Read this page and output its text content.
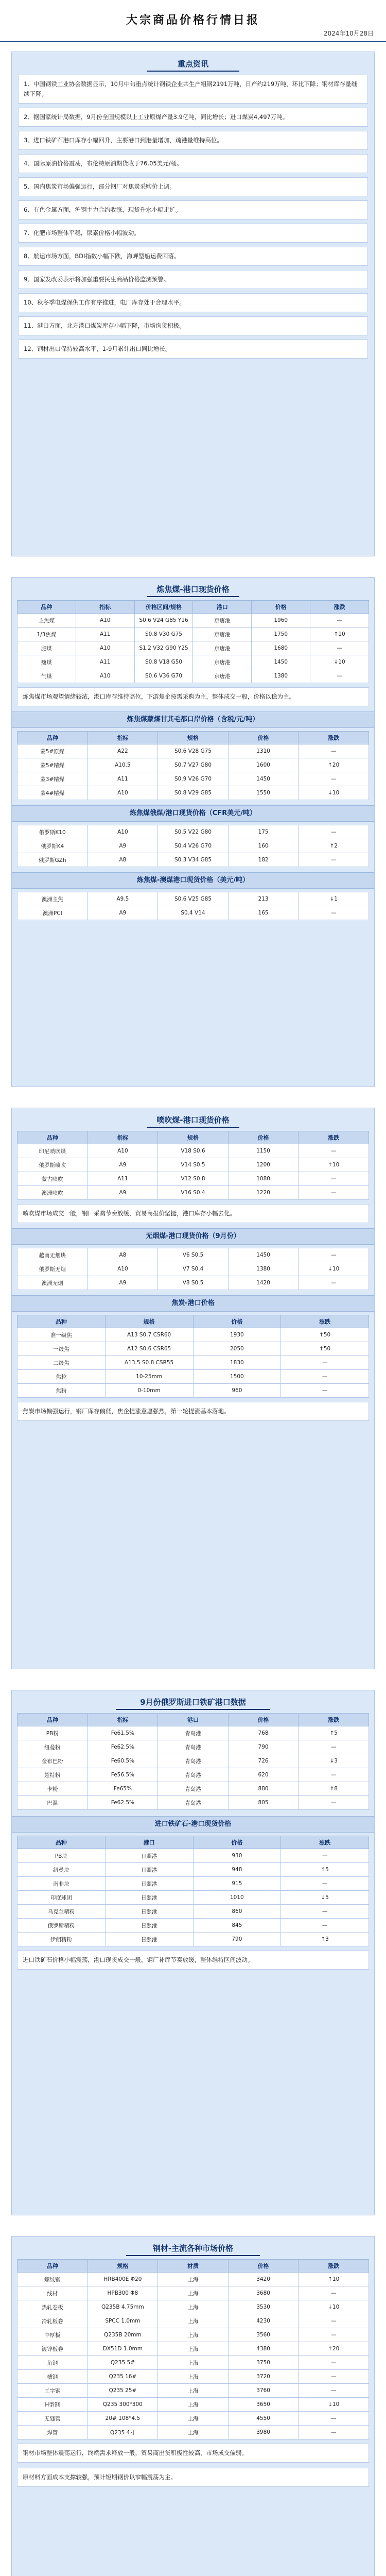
大宗商品价格行情日报
2024年10月28日
重点资讯
1、中国钢铁工业协会数据显示，10月中旬重点统计钢铁企业共生产粗钢2191万吨，日产约219万吨，环比下降；钢材库存量继续下降。
2、据国家统计局数据，9月份全国规模以上工业原煤产量3.9亿吨，同比增长；进口煤炭4,497万吨。
3、进口铁矿石港口库存小幅回升，主要港口到港量增加，疏港量维持高位。
4、国际原油价格震荡，布伦特原油期货收于76.05美元/桶。
5、国内焦炭市场偏强运行，部分钢厂对焦炭采购价上调。
6、有色金属方面，沪铜主力合约收涨，现货升水小幅走扩。
7、化肥市场整体平稳，尿素价格小幅波动。
8、航运市场方面，BDI指数小幅下跌，海岬型船运费回落。
9、国家发改委表示将加强重要民生商品价格监测预警。
10、秋冬季电煤保供工作有序推进，电厂库存处于合理水平。
11、港口方面，北方港口煤炭库存小幅下降，市场询货积极。
12、钢材出口保持较高水平，1-9月累计出口同比增长。
炼焦煤-港口现货价格
品种	指标	价格区间/规格	港口	价格	涨跌
主焦煤	A10	S0.6 V24 G85 Y16	京唐港	1960	—
1/3焦煤	A11	S0.8 V30 G75	京唐港	1750	↑10
肥煤	A10	S1.2 V32 G90 Y25	京唐港	1680	—
瘦煤	A11	S0.8 V18 G50	京唐港	1450	↓10
气煤	A10	S0.6 V36 G70	京唐港	1380	—
炼焦煤市场观望情绪较浓，港口库存维持高位，下游焦企按需采购为主，整体成交一般，价格以稳为主。
炼焦煤蒙煤甘其毛都口岸价格（含税/元/吨）
品种	指标	规格	价格	涨跌
蒙5#原煤	A22	S0.6 V28 G75	1310	—
蒙5#精煤	A10.5	S0.7 V27 G80	1600	↑20
蒙3#精煤	A11	S0.9 V26 G70	1450	—
蒙4#精煤	A10	S0.8 V29 G85	1550	↓10
炼焦煤俄煤/港口现货价格（CFR美元/吨）
俄罗斯K10	A10	S0.5 V22 G80	175	—
俄罗斯K4	A9	S0.4 V26 G70	160	↑2
俄罗斯GZh	A8	S0.3 V34 G85	182	—
炼焦煤-澳煤港口现货价格（美元/吨）
澳洲主焦	A9.5	S0.6 V25 G85	213	↓1
澳洲PCI	A9	S0.4 V14	165	—
喷吹煤-港口现货价格
品种	指标	规格	价格	涨跌
印尼喷吹煤	A10	V18 S0.6	1150	—
俄罗斯喷吹	A9	V14 S0.5	1200	↑10
蒙古喷吹	A11	V12 S0.8	1080	—
澳洲喷吹	A9	V16 S0.4	1220	—
喷吹煤市场成交一般，钢厂采购节奏放缓，贸易商报价坚挺，港口库存小幅去化。
无烟煤-港口现货价格（9月份）
越南无烟块	A8	V6 S0.5	1450	—
俄罗斯无烟	A10	V7 S0.4	1380	↓10
澳洲无烟	A9	V8 S0.5	1420	—
焦炭-港口价格
品种	规格	价格	涨跌
准一级焦	A13 S0.7 CSR60	1930	↑50
一级焦	A12 S0.6 CSR65	2050	↑50
二级焦	A13.5 S0.8 CSR55	1830	—
焦粒	10-25mm	1500	—
焦粉	0-10mm	960	—
焦炭市场偏强运行，钢厂库存偏低，焦企提涨意愿强烈，第一轮提涨基本落地。
9月份俄罗斯进口铁矿港口数据
品种	指标	港口	价格	涨跌
PB粉	Fe61.5%	青岛港	768	↑5
纽曼粉	Fe62.5%	青岛港	790	—
金布巴粉	Fe60.5%	青岛港	726	↓3
超特粉	Fe56.5%	青岛港	620	—
卡粉	Fe65%	青岛港	880	↑8
巴混	Fe62.5%	青岛港	805	—
进口铁矿石-港口现货价格
品种	港口	价格	涨跌
PB块	日照港	930	—
纽曼块	日照港	948	↑5
南非块	日照港	915	—
印度球团	日照港	1010	↓5
乌克兰精粉	日照港	860	—
俄罗斯精粉	日照港	845	—
伊朗精粉	日照港	790	↑3
进口铁矿石价格小幅震荡，港口现货成交一般，钢厂补库节奏放缓，整体维持区间波动。
钢材-主流各种市场价格
品种	规格	材质	价格	涨跌
螺纹钢	HRB400E Φ20	上海	3420	↑10
线材	HPB300 Φ8	上海	3680	—
热轧卷板	Q235B 4.75mm	上海	3530	↓10
冷轧板卷	SPCC 1.0mm	上海	4230	—
中厚板	Q235B 20mm	上海	3560	—
镀锌板卷	DX51D 1.0mm	上海	4380	↑20
角钢	Q235 5#	上海	3750	—
槽钢	Q235 16#	上海	3720	—
工字钢	Q235 25#	上海	3760	—
H型钢	Q235 300*300	上海	3650	↓10
无缝管	20# 108*4.5	上海	4550	—
焊管	Q235 4寸	上海	3980	—
钢材市场整体震荡运行，终端需求释放一般，贸易商出货积极性较高，市场成交偏弱。
原材料方面成本支撑较强，预计短期钢价以窄幅震荡为主。
